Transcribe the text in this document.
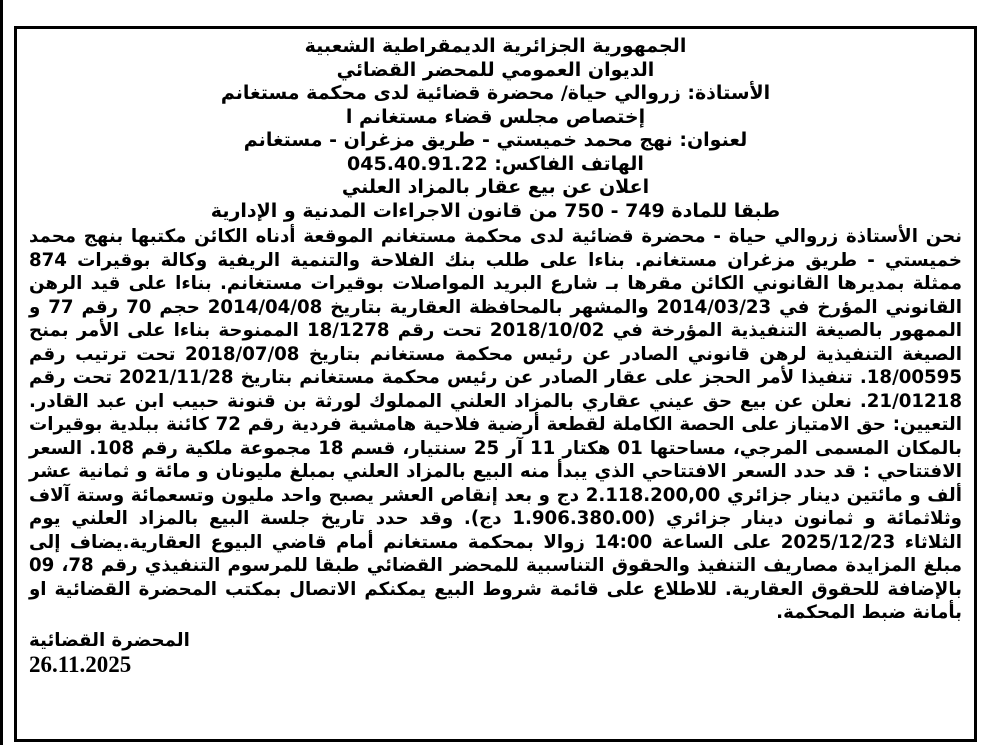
الجمهورية الجزائرية الديمقراطية الشعبية
الديوان العمومي للمحضر القضائي
الأستاذة: زروالي حياة/ محضرة قضائية لدى محكمة مستغانم
إختصاص مجلس قضاء مستغانم ا
لعنوان: نهج محمد خميستي - طريق مزغران - مستغانم
الهاتف الفاكس: 045.40.91.22
اعلان عن بيع عقار بالمزاد العلني
طبقا للمادة 749 - 750 من قانون الاجراءات المدنية و الإدارية

نحن الأستاذة زروالي حياة - محضرة قضائية لدى محكمة مستغانم الموقعة أدناه الكائن مكتبها بنهج محمد خميستي - طريق مزغران مستغانم. بناءا على طلب بنك الفلاحة والتنمية الريفية وكالة بوقيرات 874 ممثلة بمديرها القانوني الكائن مقرها بـ شارع البريد المواصلات بوقيرات مستغانم. بناءا على قيد الرهن القانوني المؤرخ في 2014/03/23 والمشهر بالمحافظة العقارية بتاريخ 2014/04/08 حجم 70 رقم 77 و الممهور بالصيغة التنفيذية المؤرخة في 2018/10/02 تحت رقم 18/1278 الممنوحة بناءا على الأمر بمنح الصيغة التنفيذية لرهن قانوني الصادر عن رئيس محكمة مستغانم بتاريخ 2018/07/08 تحت ترتيب رقم 18/00595. تنفيذا لأمر الحجز على عقار الصادر عن رئيس محكمة مستغانم بتاريخ 2021/11/28 تحت رقم 21/01218. نعلن عن بيع حق عيني عقاري بالمزاد العلني المملوك لورثة بن قنونة حبيب ابن عبد القادر. التعيين: حق الامتياز على الحصة الكاملة لقطعة أرضية فلاحية هامشية فردية رقم 72 كائنة ببلدية بوقيرات بالمكان المسمى المرجي، مساحتها 01 هكتار 11 آر 25 سنتيار، قسم 18 مجموعة ملكية رقم 108. السعر الافتتاحي : قد حدد السعر الافتتاحي الذي يبدأ منه البيع بالمزاد العلني بمبلغ مليونان و مائة و ثمانية عشر ألف و مائتين دينار جزائري 2.118.200,00 دج و بعد إنقاص العشر يصبح واحد مليون وتسعمائة وستة آلاف وثلاثمائة و ثمانون دينار جزائري (1.906.380.00 دج). وقد حدد تاريخ جلسة البيع بالمزاد العلني يوم الثلاثاء 2025/12/23 على الساعة 14:00 زوالا بمحكمة مستغانم أمام قاضي البيوع العقارية.يضاف إلى مبلغ المزايدة مصاريف التنفيذ والحقوق التناسبية للمحضر القضائي طبقا للمرسوم التنفيذي رقم 78، 09 بالإضافة للحقوق العقارية. للاطلاع على قائمة شروط البيع يمكنكم الاتصال بمكتب المحضرة القضائية او بأمانة ضبط المحكمة.

المحضرة القضائية
26.11.2025
